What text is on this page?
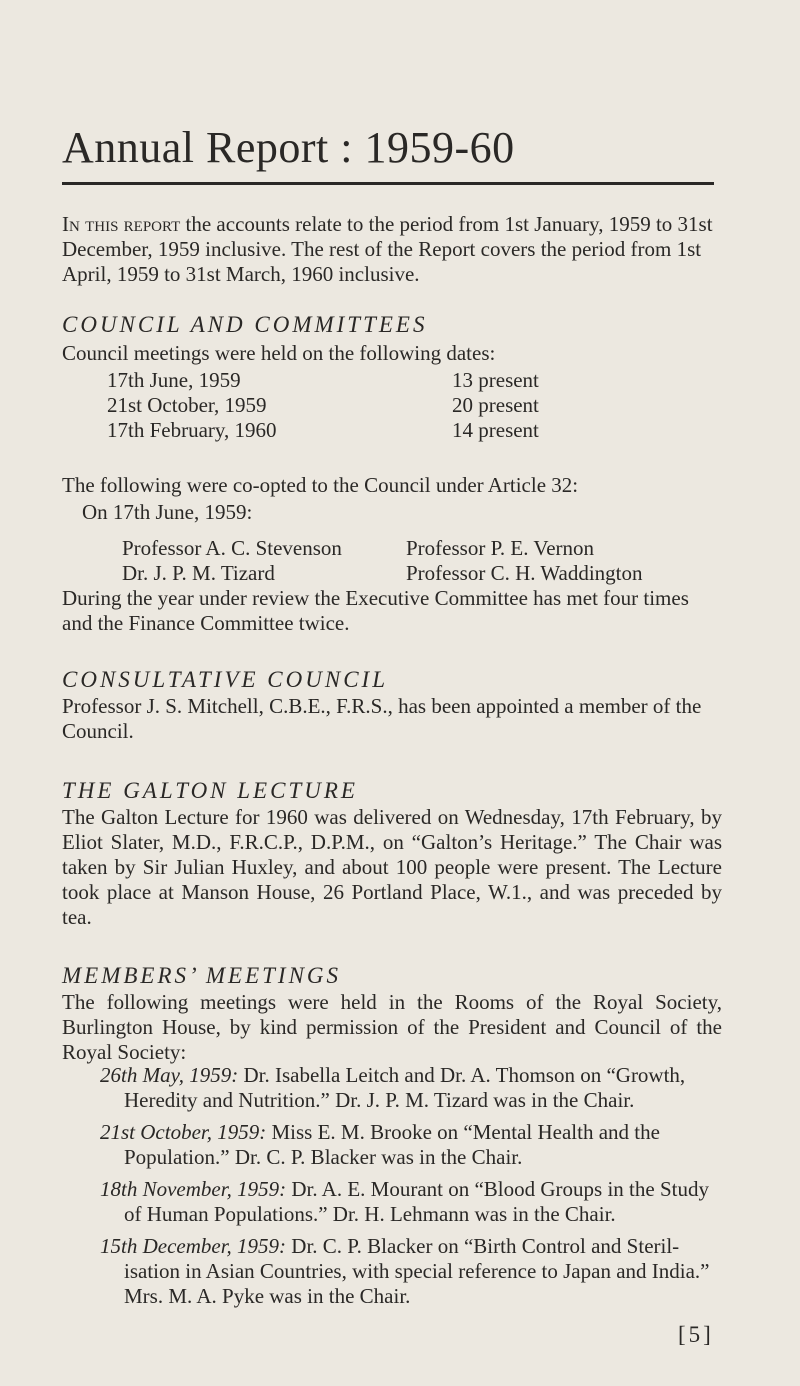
Annual Report : 1959-60

In this report the accounts relate to the period from 1st January, 1959 to 31st December, 1959 inclusive. The rest of the Report covers the period from 1st April, 1959 to 31st March, 1960 inclusive.

COUNCIL AND COMMITTEES

Council meetings were held on the following dates:

17th June, 1959	13 present
21st October, 1959	20 present
17th February, 1960	14 present

The following were co-opted to the Council under Article 32:

On 17th June, 1959:
Professor A. C. Stevenson	Professor P. E. Vernon
Dr. J. P. M. Tizard	Professor C. H. Waddington

During the year under review the Executive Committee has met four times and the Finance Committee twice.

CONSULTATIVE COUNCIL

Professor J. S. Mitchell, C.B.E., F.R.S., has been appointed a member of the Council.

THE GALTON LECTURE

The Galton Lecture for 1960 was delivered on Wednesday, 17th February, by Eliot Slater, M.D., F.R.C.P., D.P.M., on “Galton’s Heritage.” The Chair was taken by Sir Julian Huxley, and about 100 people were present. The Lecture took place at Manson House, 26 Portland Place, W.1., and was preceded by tea.

MEMBERS’ MEETINGS

The following meetings were held in the Rooms of the Royal Society, Burlington House, by kind permission of the President and Council of the Royal Society:

26th May, 1959: Dr. Isabella Leitch and Dr. A. Thomson on “Growth,
Heredity and Nutrition.” Dr. J. P. M. Tizard was in the Chair.

21st October, 1959: Miss E. M. Brooke on “Mental Health and the
Population.” Dr. C. P. Blacker was in the Chair.

18th November, 1959: Dr. A. E. Mourant on “Blood Groups in the Study
of Human Populations.” Dr. H. Lehmann was in the Chair.

15th December, 1959: Dr. C. P. Blacker on “Birth Control and Steril-
isation in Asian Countries, with special reference to Japan and India.” Mrs. M. A. Pyke was in the Chair.

[5]
